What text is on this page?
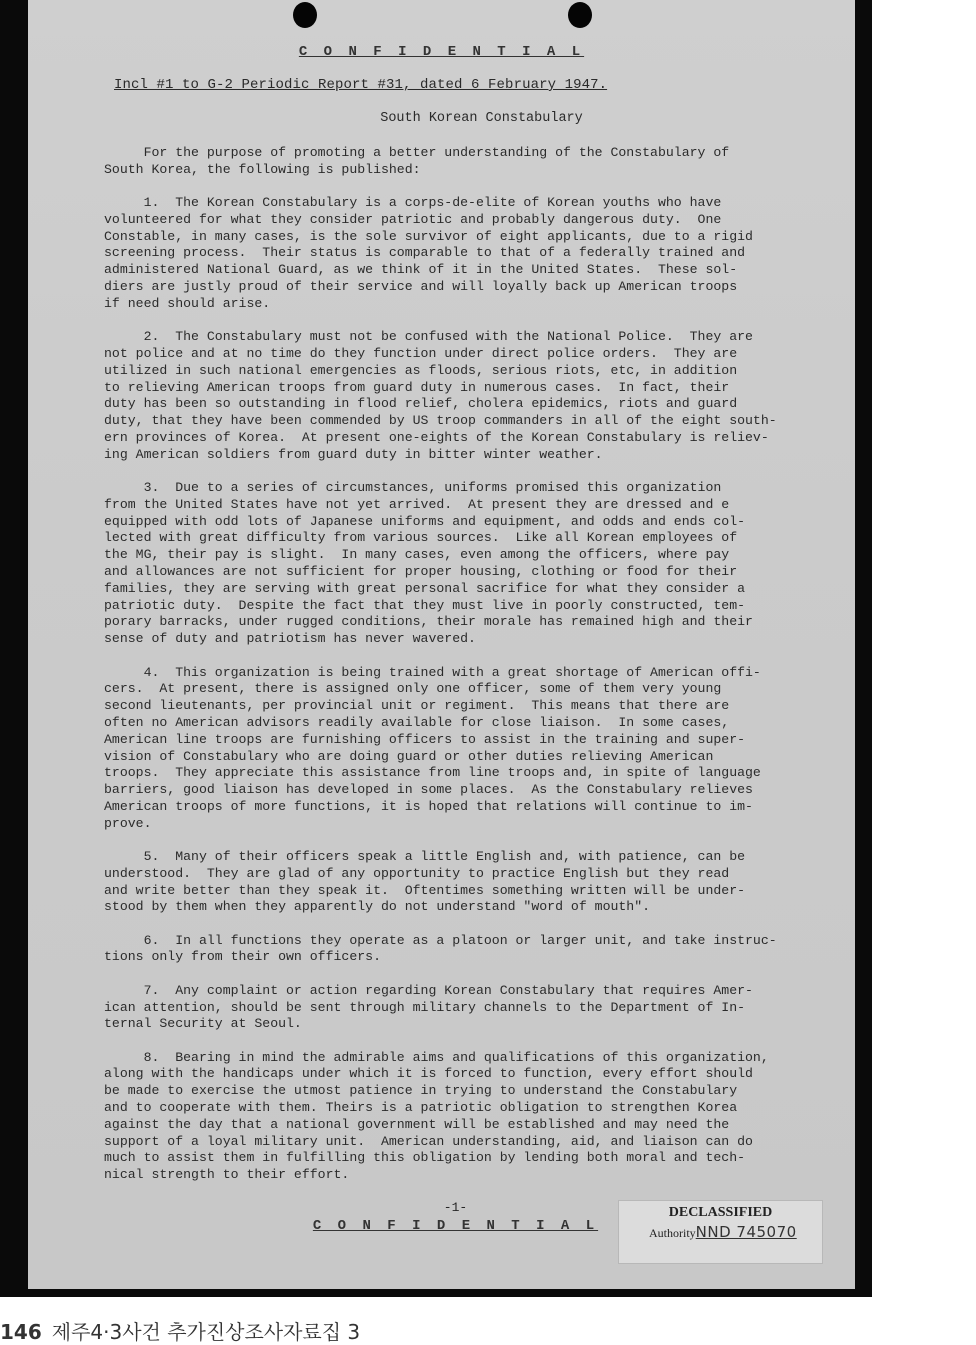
C O N F I D E N T I A L
Incl #1 to G-2 Periodic Report #31, dated 6 February 1947.
South Korean Constabulary
For the purpose of promoting a better understanding of the Constabulary of
South Korea, the following is published:
1.  The Korean Constabulary is a corps-de-elite of Korean youths who have
volunteered for what they consider patriotic and probably dangerous duty.  One
Constable, in many cases, is the sole survivor of eight applicants, due to a rigid
screening process.  Their status is comparable to that of a federally trained and
administered National Guard, as we think of it in the United States.  These sol-
diers are justly proud of their service and will loyally back up American troops
if need should arise.
2.  The Constabulary must not be confused with the National Police.  They are
not police and at no time do they function under direct police orders.  They are
utilized in such national emergencies as floods, serious riots, etc, in addition
to relieving American troops from guard duty in numerous cases.  In fact, their
duty has been so outstanding in flood relief, cholera epidemics, riots and guard
duty, that they have been commended by US troop commanders in all of the eight south-
ern provinces of Korea.  At present one-eights of the Korean Constabulary is reliev-
ing American soldiers from guard duty in bitter winter weather.
3.  Due to a series of circumstances, uniforms promised this organization
from the United States have not yet arrived.  At present they are dressed and e
equipped with odd lots of Japanese uniforms and equipment, and odds and ends col-
lected with great difficulty from various sources.  Like all Korean employees of
the MG, their pay is slight.  In many cases, even among the officers, where pay
and allowances are not sufficient for proper housing, clothing or food for their
families, they are serving with great personal sacrifice for what they consider a
patriotic duty.  Despite the fact that they must live in poorly constructed, tem-
porary barracks, under rugged conditions, their morale has remained high and their
sense of duty and patriotism has never wavered.
4.  This organization is being trained with a great shortage of American offi-
cers.  At present, there is assigned only one officer, some of them very young
second lieutenants, per provincial unit or regiment.  This means that there are
often no American advisors readily available for close liaison.  In some cases,
American line troops are furnishing officers to assist in the training and super-
vision of Constabulary who are doing guard or other duties relieving American
troops.  They appreciate this assistance from line troops and, in spite of language
barriers, good liaison has developed in some places.  As the Constabulary relieves
American troops of more functions, it is hoped that relations will continue to im-
prove.
5.  Many of their officers speak a little English and, with patience, can be
understood.  They are glad of any opportunity to practice English but they read
and write better than they speak it.  Oftentimes something written will be under-
stood by them when they apparently do not understand "word of mouth".
6.  In all functions they operate as a platoon or larger unit, and take instruc-
tions only from their own officers.
7.  Any complaint or action regarding Korean Constabulary that requires Amer-
ican attention, should be sent through military channels to the Department of In-
ternal Security at Seoul.
8.  Bearing in mind the admirable aims and qualifications of this organization,
along with the handicaps under which it is forced to function, every effort should
be made to exercise the utmost patience in trying to understand the Constabulary
and to cooperate with them. Theirs is a patriotic obligation to strengthen Korea
against the day that a national government will be established and may need the
support of a loyal military unit.  American understanding, aid, and liaison can do
much to assist them in fulfilling this obligation by lending both moral and tech-
nical strength to their effort.
-1-
C O N F I D E N T I A L
DECLASSIFIED
AuthorityNND 745070
146 제주4·3사건 추가진상조사자료집 3
